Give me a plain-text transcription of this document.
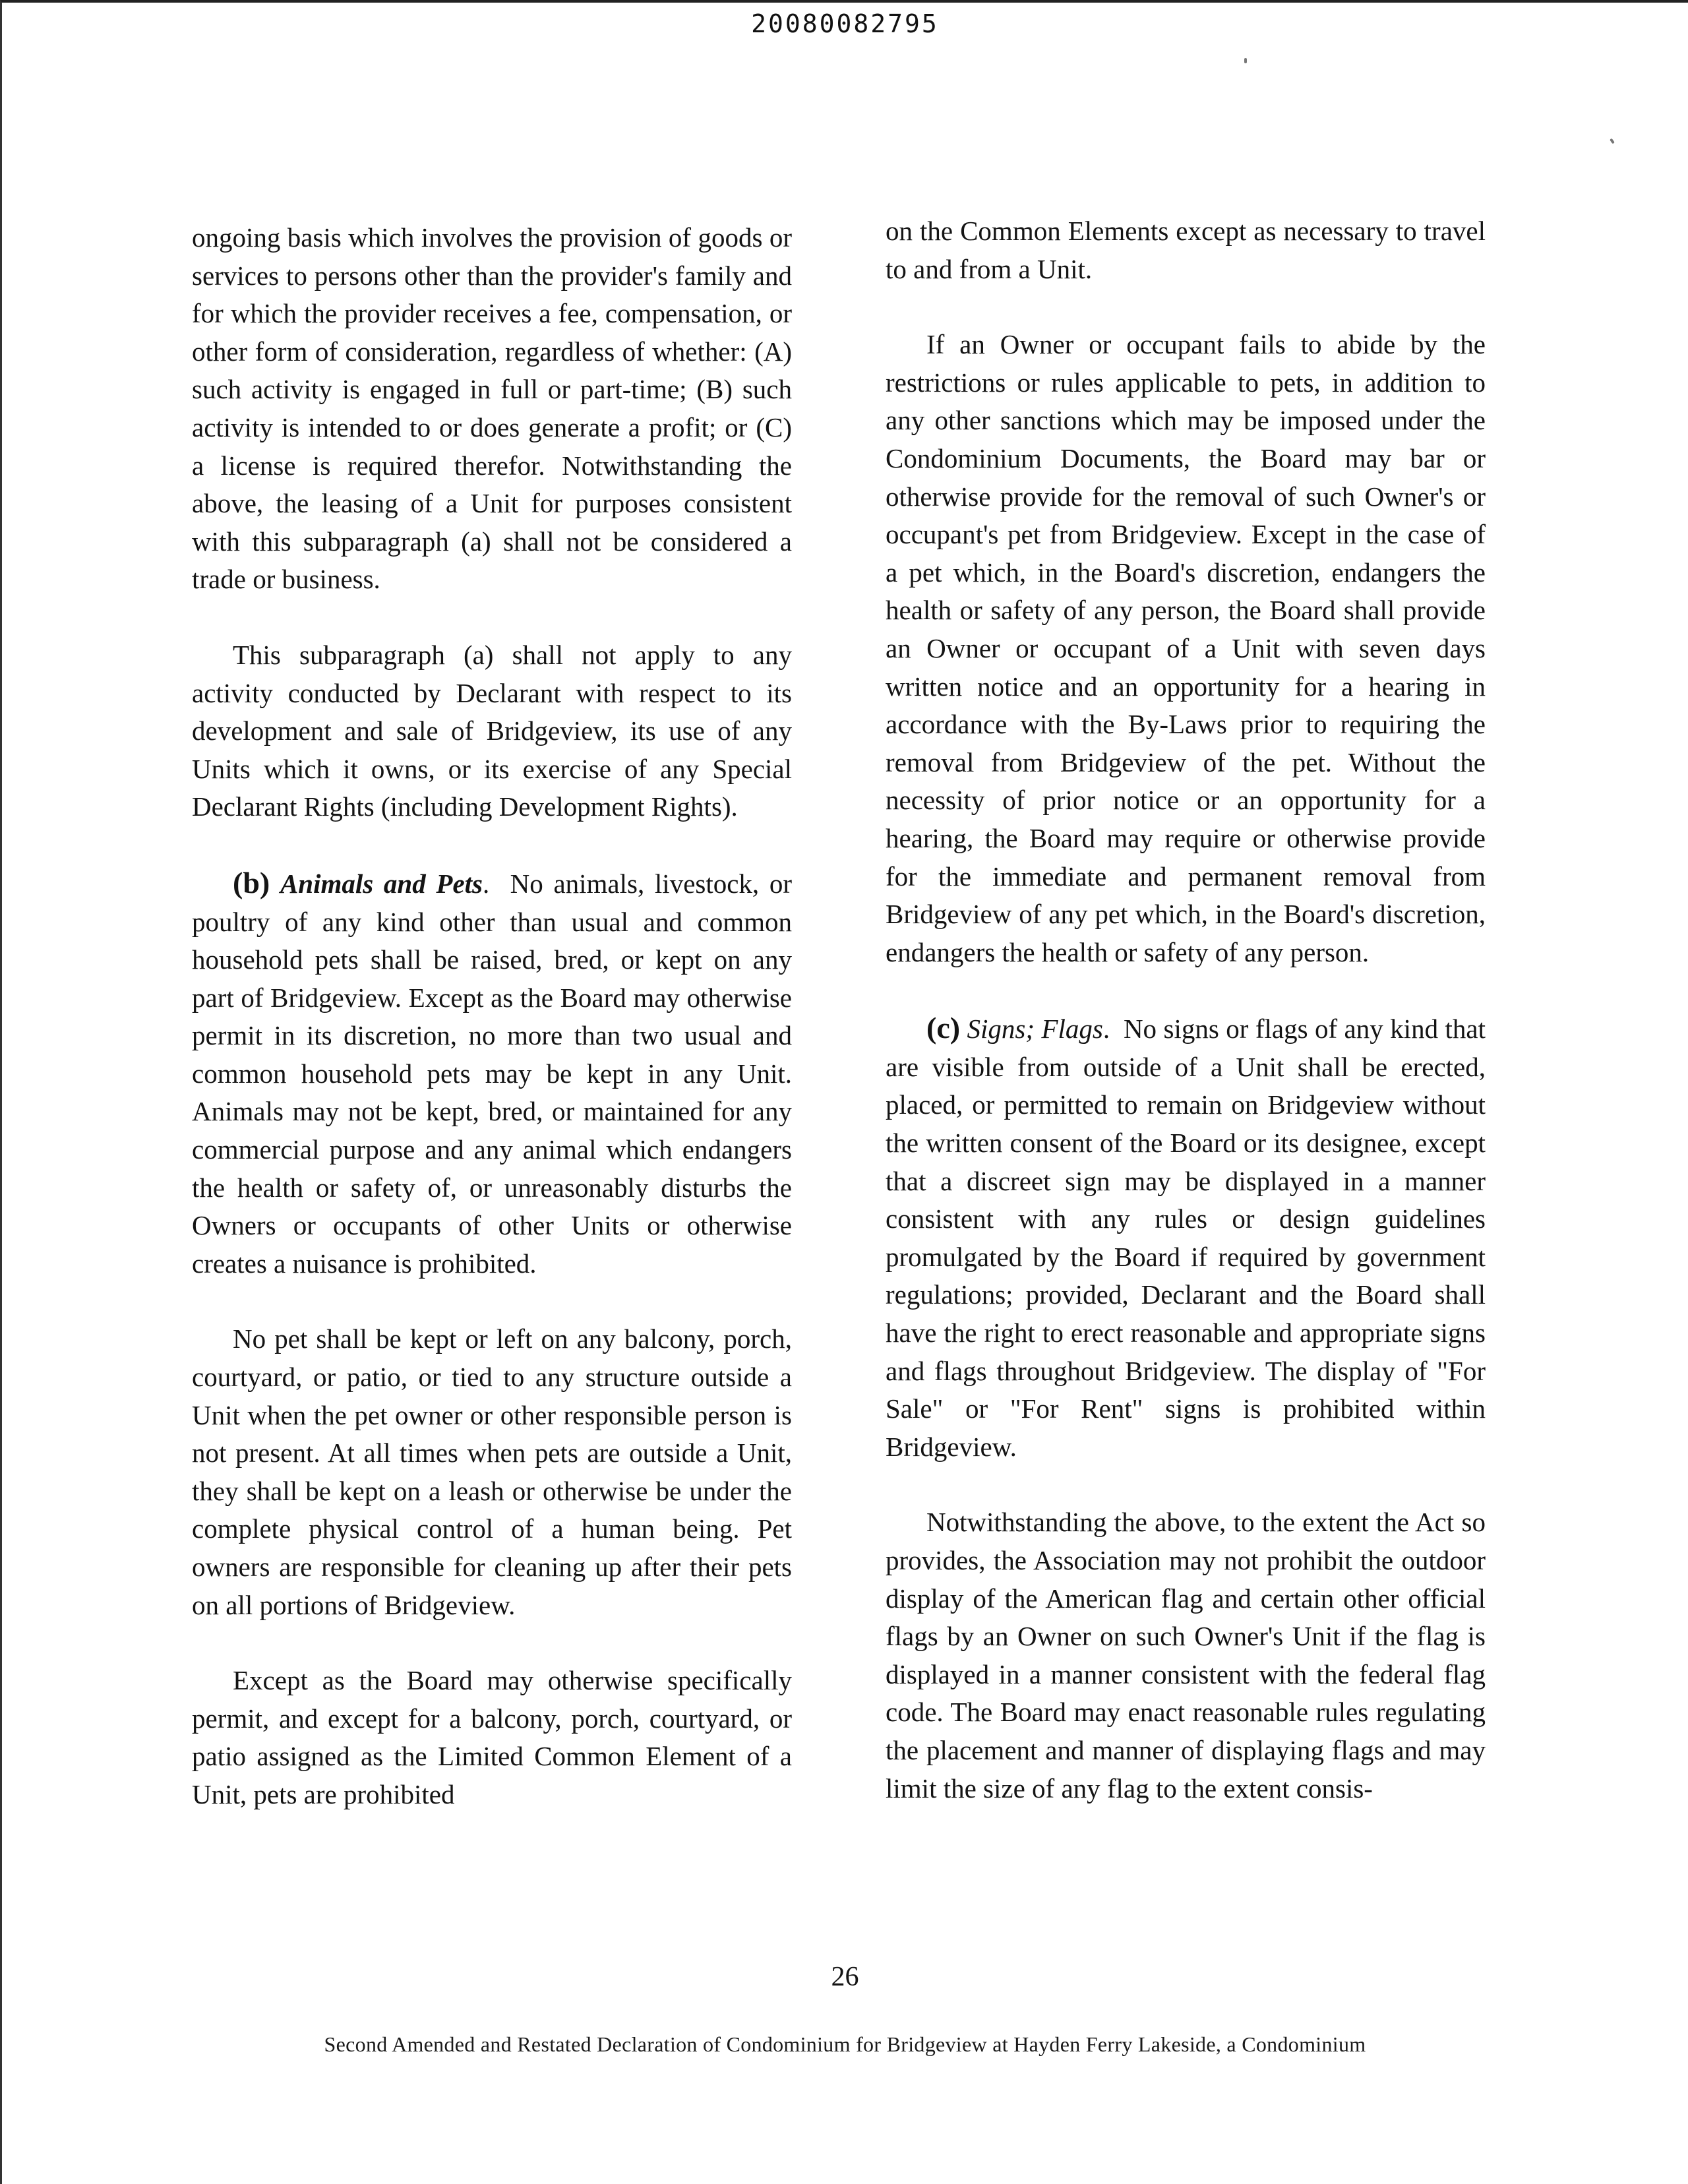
20080082795

ongoing basis which involves the provision of goods or services to persons other than the provider's family and for which the provider receives a fee, compensation, or other form of consideration, regardless of whether: (A) such activity is engaged in full or part-time; (B) such activity is intended to or does generate a profit; or (C) a license is required therefor. Notwithstanding the above, the leasing of a Unit for purposes consistent with this subparagraph (a) shall not be considered a trade or business.

This subparagraph (a) shall not apply to any activity conducted by Declarant with respect to its development and sale of Bridgeview, its use of any Units which it owns, or its exercise of any Special Declarant Rights (including Development Rights).

(b) Animals and Pets.  No animals, livestock, or poultry of any kind other than usual and common household pets shall be raised, bred, or kept on any part of Bridgeview. Except as the Board may otherwise permit in its discretion, no more than two usual and common household pets may be kept in any Unit. Animals may not be kept, bred, or maintained for any commercial purpose and any animal which endangers the health or safety of, or unreasonably disturbs the Owners or occupants of other Units or otherwise creates a nuisance is prohibited.

No pet shall be kept or left on any balcony, porch, courtyard, or patio, or tied to any structure outside a Unit when the pet owner or other responsible person is not present. At all times when pets are outside a Unit, they shall be kept on a leash or otherwise be under the complete physical control of a human being. Pet owners are responsible for cleaning up after their pets on all portions of Bridgeview.

Except as the Board may otherwise specifically permit, and except for a balcony, porch, courtyard, or patio assigned as the Limited Common Element of a Unit, pets are prohibited

on the Common Elements except as necessary to travel to and from a Unit.

If an Owner or occupant fails to abide by the restrictions or rules applicable to pets, in addition to any other sanctions which may be imposed under the Condominium Documents, the Board may bar or otherwise provide for the removal of such Owner's or occupant's pet from Bridgeview. Except in the case of a pet which, in the Board's discretion, endangers the health or safety of any person, the Board shall provide an Owner or occupant of a Unit with seven days written notice and an opportunity for a hearing in accordance with the By-Laws prior to requiring the removal from Bridgeview of the pet. Without the necessity of prior notice or an opportunity for a hearing, the Board may require or otherwise provide for the immediate and permanent removal from Bridgeview of any pet which, in the Board's discretion, endangers the health or safety of any person.

(c) Signs; Flags.  No signs or flags of any kind that are visible from outside of a Unit shall be erected, placed, or permitted to remain on Bridgeview without the written consent of the Board or its designee, except that a discreet sign may be displayed in a manner consistent with any rules or design guidelines promulgated by the Board if required by government regulations; provided, Declarant and the Board shall have the right to erect reasonable and appropriate signs and flags throughout Bridgeview. The display of "For Sale" or "For Rent" signs is prohibited within Bridgeview.

Notwithstanding the above, to the extent the Act so provides, the Association may not prohibit the outdoor display of the American flag and certain other official flags by an Owner on such Owner's Unit if the flag is displayed in a manner consistent with the federal flag code. The Board may enact reasonable rules regulating the placement and manner of displaying flags and may limit the size of any flag to the extent consis-

26
Second Amended and Restated Declaration of Condominium for Bridgeview at Hayden Ferry Lakeside, a Condominium
